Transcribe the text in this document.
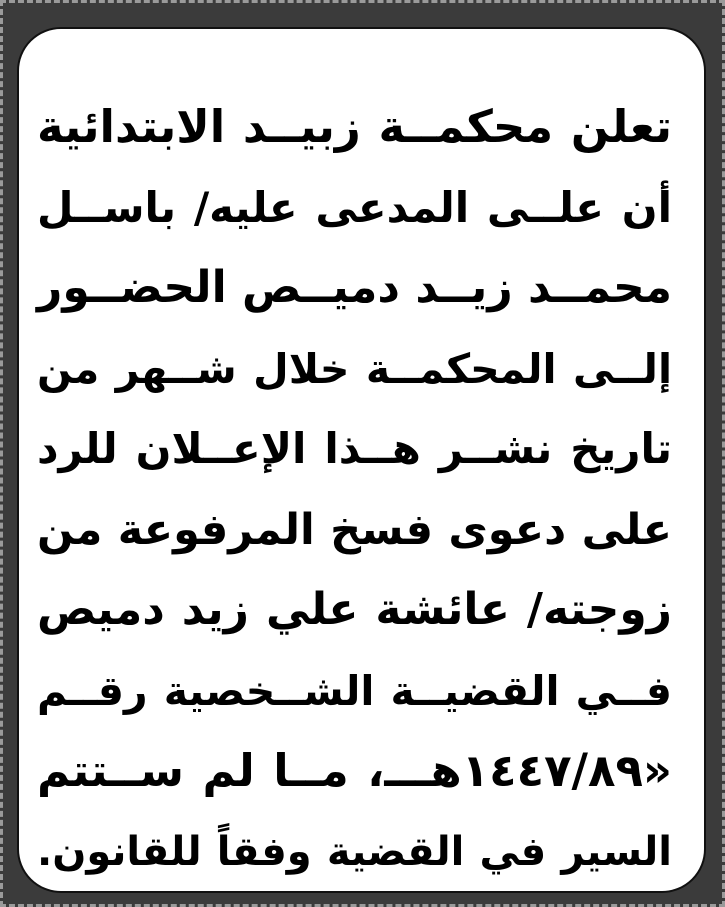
تعلن محكمــة زبيــد الابتدائية
أن علــى المدعى عليه/ باســل
محمــد زيــد دميــص الحضــور
إلــى المحكمــة خلال شــهر من
تاريخ نشــر هــذا الإعــلان للرد
على دعوى فسخ المرفوعة من
زوجته/ عائشة علي زيد دميص
فــي القضيــة الشــخصية رقــم
«١٤٤٧/٨٩هـــ، مــا لم ســتتم
السير في القضية وفقاً للقانون.
